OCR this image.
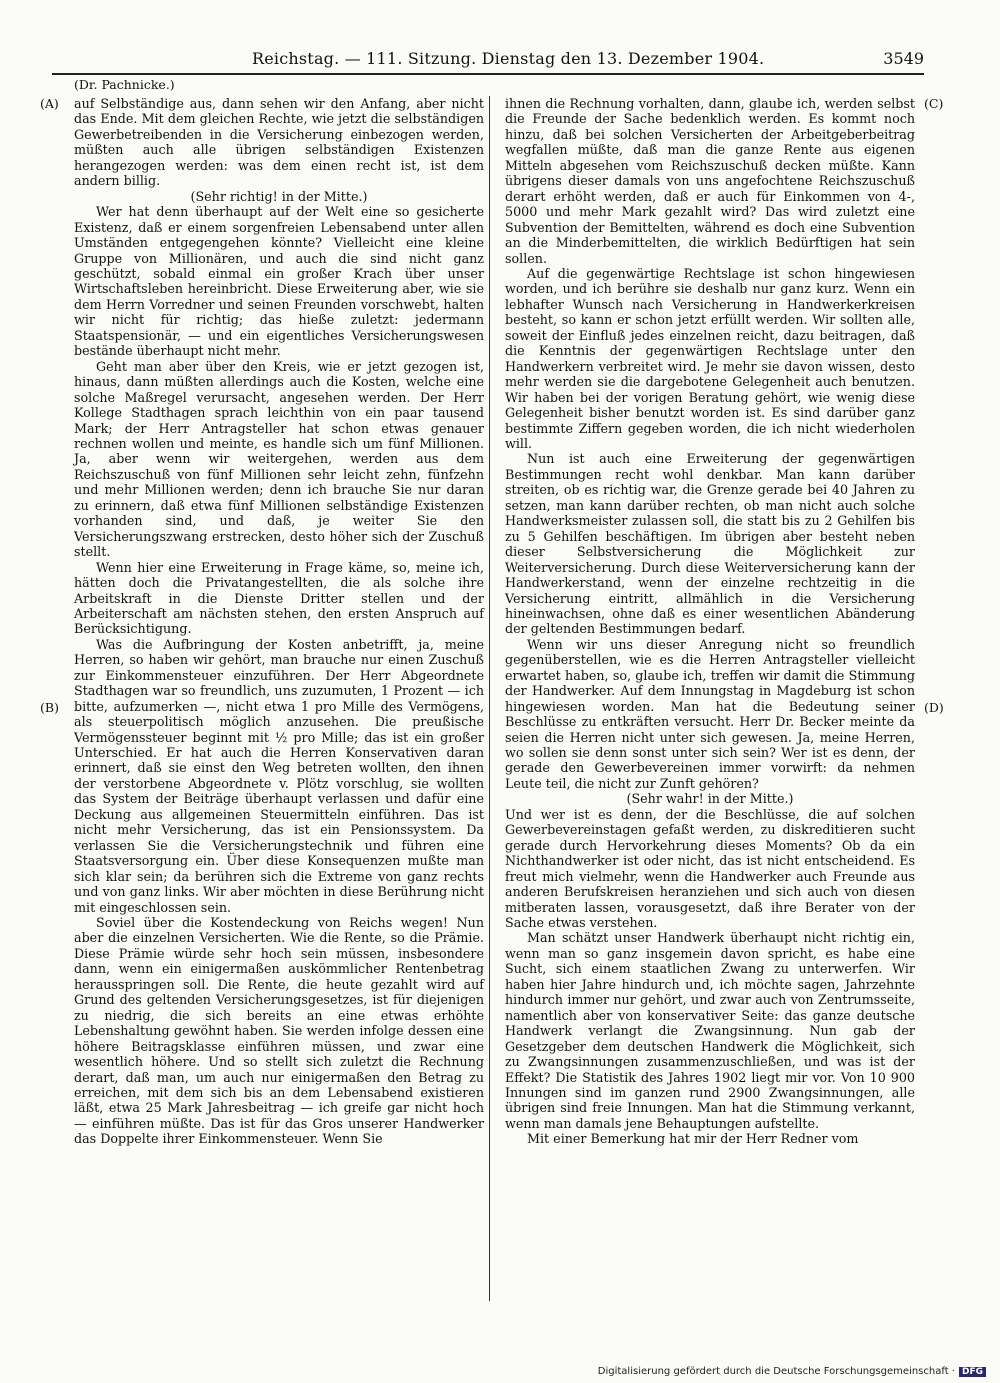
Reichstag. — 111. Sitzung. Dienstag den 13. Dezember 1904.	3549
(Dr. Pachnicke.)
(A)
(B)
(C)
(D)

auf Selbständige aus, dann sehen wir den Anfang, aber nicht das Ende. Mit dem gleichen Rechte, wie jetzt die selbständigen Gewerbetreibenden in die Versicherung einbezogen werden, müßten auch alle übrigen selbständigen Existenzen herangezogen werden: was dem einen recht ist, ist dem andern billig.

(Sehr richtig! in der Mitte.)

Wer hat denn überhaupt auf der Welt eine so gesicherte Existenz, daß er einem sorgenfreien Lebensabend unter allen Umständen entgegengehen könnte? Vielleicht eine kleine Gruppe von Millionären, und auch die sind nicht ganz geschützt, sobald einmal ein großer Krach über unser Wirtschaftsleben hereinbricht. Diese Erweiterung aber, wie sie dem Herrn Vorredner und seinen Freunden vorschwebt, halten wir nicht für richtig; das hieße zuletzt: jedermann Staatspensionär, — und ein eigentliches Versicherungswesen bestände überhaupt nicht mehr.

Geht man aber über den Kreis, wie er jetzt gezogen ist, hinaus, dann müßten allerdings auch die Kosten, welche eine solche Maßregel verursacht, angesehen werden. Der Herr Kollege Stadthagen sprach leichthin von ein paar tausend Mark; der Herr Antragsteller hat schon etwas genauer rechnen wollen und meinte, es handle sich um fünf Millionen. Ja, aber wenn wir weitergehen, werden aus dem Reichszuschuß von fünf Millionen sehr leicht zehn, fünfzehn und mehr Millionen werden; denn ich brauche Sie nur daran zu erinnern, daß etwa fünf Millionen selbständige Existenzen vorhanden sind, und daß, je weiter Sie den Versicherungszwang erstrecken, desto höher sich der Zuschuß stellt.

Wenn hier eine Erweiterung in Frage käme, so, meine ich, hätten doch die Privatangestellten, die als solche ihre Arbeitskraft in die Dienste Dritter stellen und der Arbeiterschaft am nächsten stehen, den ersten Anspruch auf Berücksichtigung.

Was die Aufbringung der Kosten anbetrifft, ja, meine Herren, so haben wir gehört, man brauche nur einen Zuschuß zur Einkommensteuer einzuführen. Der Herr Abgeordnete Stadthagen war so freundlich, uns zuzumuten, 1 Prozent — ich bitte, aufzumerken —, nicht etwa 1 pro Mille des Vermögens, als steuerpolitisch möglich anzusehen. Die preußische Vermögenssteuer beginnt mit ½ pro Mille; das ist ein großer Unterschied. Er hat auch die Herren Konservativen daran erinnert, daß sie einst den Weg betreten wollten, den ihnen der verstorbene Abgeordnete v. Plötz vorschlug, sie wollten das System der Beiträge überhaupt verlassen und dafür eine Deckung aus allgemeinen Steuermitteln einführen. Das ist nicht mehr Versicherung, das ist ein Pensionssystem. Da verlassen Sie die Versicherungstechnik und führen eine Staatsversorgung ein. Über diese Konsequenzen mußte man sich klar sein; da berühren sich die Extreme von ganz rechts und von ganz links. Wir aber möchten in diese Berührung nicht mit eingeschlossen sein.

Soviel über die Kostendeckung von Reichs wegen! Nun aber die einzelnen Versicherten. Wie die Rente, so die Prämie. Diese Prämie würde sehr hoch sein müssen, insbesondere dann, wenn ein einigermaßen auskömmlicher Rentenbetrag herausspringen soll. Die Rente, die heute gezahlt wird auf Grund des geltenden Versicherungsgesetzes, ist für diejenigen zu niedrig, die sich bereits an eine etwas erhöhte Lebenshaltung gewöhnt haben. Sie werden infolge dessen eine höhere Beitragsklasse einführen müssen, und zwar eine wesentlich höhere. Und so stellt sich zuletzt die Rechnung derart, daß man, um auch nur einigermaßen den Betrag zu erreichen, mit dem sich bis an dem Lebensabend existieren läßt, etwa 25 Mark Jahresbeitrag — ich greife gar nicht hoch — einführen müßte. Das ist für das Gros unserer Handwerker das Doppelte ihrer Einkommensteuer. Wenn Sie

ihnen die Rechnung vorhalten, dann, glaube ich, werden selbst die Freunde der Sache bedenklich werden. Es kommt noch hinzu, daß bei solchen Versicherten der Arbeitgeberbeitrag wegfallen müßte, daß man die ganze Rente aus eigenen Mitteln abgesehen vom Reichszuschuß decken müßte. Kann übrigens dieser damals von uns angefochtene Reichszuschuß derart erhöht werden, daß er auch für Einkommen von 4-, 5000 und mehr Mark gezahlt wird? Das wird zuletzt eine Subvention der Bemittelten, während es doch eine Subvention an die Minderbemittelten, die wirklich Bedürftigen hat sein sollen.

Auf die gegenwärtige Rechtslage ist schon hingewiesen worden, und ich berühre sie deshalb nur ganz kurz. Wenn ein lebhafter Wunsch nach Versicherung in Handwerkerkreisen besteht, so kann er schon jetzt erfüllt werden. Wir sollten alle, soweit der Einfluß jedes einzelnen reicht, dazu beitragen, daß die Kenntnis der gegenwärtigen Rechtslage unter den Handwerkern verbreitet wird. Je mehr sie davon wissen, desto mehr werden sie die dargebotene Gelegenheit auch benutzen. Wir haben bei der vorigen Beratung gehört, wie wenig diese Gelegenheit bisher benutzt worden ist. Es sind darüber ganz bestimmte Ziffern gegeben worden, die ich nicht wiederholen will.

Nun ist auch eine Erweiterung der gegenwärtigen Bestimmungen recht wohl denkbar. Man kann darüber streiten, ob es richtig war, die Grenze gerade bei 40 Jahren zu setzen, man kann darüber rechten, ob man nicht auch solche Handwerksmeister zulassen soll, die statt bis zu 2 Gehilfen bis zu 5 Gehilfen beschäftigen. Im übrigen aber besteht neben dieser Selbstversicherung die Möglichkeit zur Weiterversicherung. Durch diese Weiterversicherung kann der Handwerkerstand, wenn der einzelne rechtzeitig in die Versicherung eintritt, allmählich in die Versicherung hineinwachsen, ohne daß es einer wesentlichen Abänderung der geltenden Bestimmungen bedarf.

Wenn wir uns dieser Anregung nicht so freundlich gegenüberstellen, wie es die Herren Antragsteller vielleicht erwartet haben, so, glaube ich, treffen wir damit die Stimmung der Handwerker. Auf dem Innungstag in Magdeburg ist schon hingewiesen worden. Man hat die Bedeutung seiner Beschlüsse zu entkräften versucht. Herr Dr. Becker meinte da seien die Herren nicht unter sich gewesen. Ja, meine Herren, wo sollen sie denn sonst unter sich sein? Wer ist es denn, der gerade den Gewerbevereinen immer vorwirft: da nehmen Leute teil, die nicht zur Zunft gehören?

(Sehr wahr! in der Mitte.)

Und wer ist es denn, der die Beschlüsse, die auf solchen Gewerbevereinstagen gefaßt werden, zu diskreditieren sucht gerade durch Hervorkehrung dieses Moments? Ob da ein Nichthandwerker ist oder nicht, das ist nicht entscheidend. Es freut mich vielmehr, wenn die Handwerker auch Freunde aus anderen Berufskreisen heranziehen und sich auch von diesen mitberaten lassen, vorausgesetzt, daß ihre Berater von der Sache etwas verstehen.

Man schätzt unser Handwerk überhaupt nicht richtig ein, wenn man so ganz insgemein davon spricht, es habe eine Sucht, sich einem staatlichen Zwang zu unterwerfen. Wir haben hier Jahre hindurch und, ich möchte sagen, Jahrzehnte hindurch immer nur gehört, und zwar auch von Zentrumsseite, namentlich aber von konservativer Seite: das ganze deutsche Handwerk verlangt die Zwangsinnung. Nun gab der Gesetzgeber dem deutschen Handwerk die Möglichkeit, sich zu Zwangsinnungen zusammenzuschließen, und was ist der Effekt? Die Statistik des Jahres 1902 liegt mir vor. Von 10 900 Innungen sind im ganzen rund 2900 Zwangsinnungen, alle übrigen sind freie Innungen. Man hat die Stimmung verkannt, wenn man damals jene Behauptungen aufstellte.

Mit einer Bemerkung hat mir der Herr Redner vom

Digitalisierung gefördert durch die Deutsche Forschungsgemeinschaft · DFG
